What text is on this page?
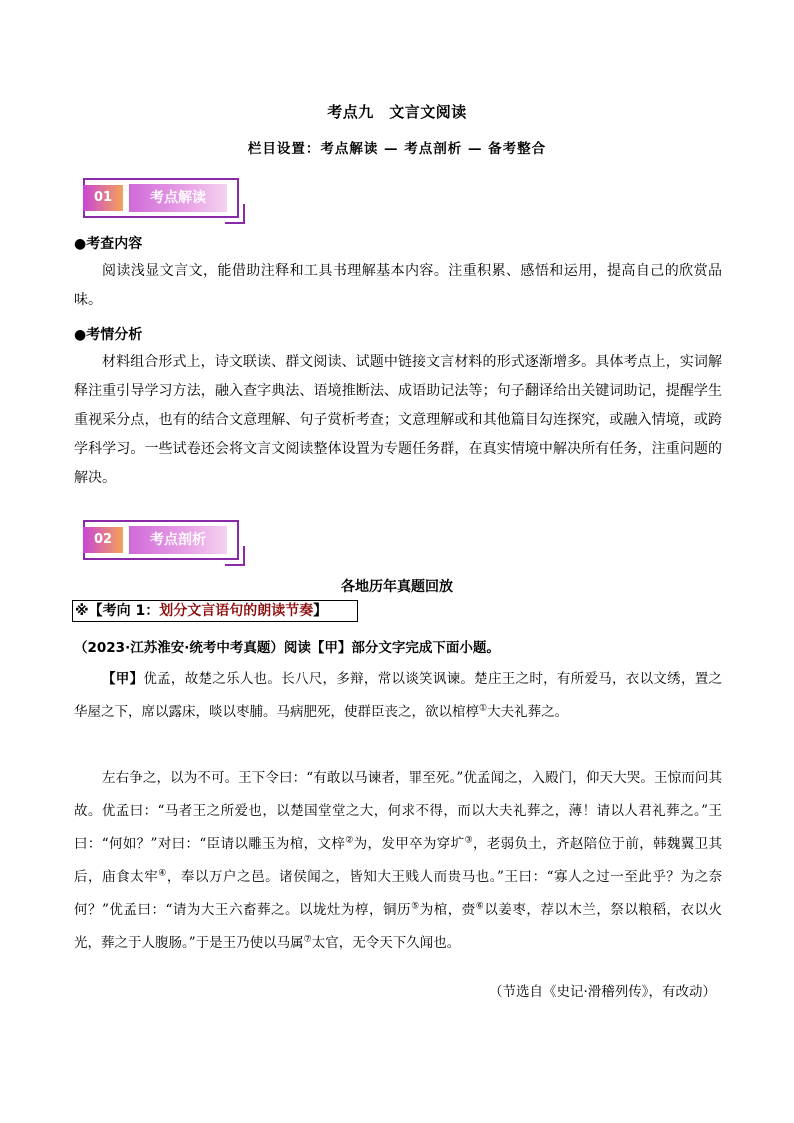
考点九　文言文阅读
栏目设置：考点解读 — 考点剖析 — 备考整合
01	考点解读
●考查内容

阅读浅显文言文，能借助注释和工具书理解基本内容。注重积累、感悟和运用，提高自己的欣赏品味。

●考情分析

材料组合形式上，诗文联读、群文阅读、试题中链接文言材料的形式逐渐增多。具体考点上，实词解释注重引导学习方法，融入查字典法、语境推断法、成语助记法等；句子翻译给出关键词助记，提醒学生重视采分点，也有的结合文意理解、句子赏析考查；文意理解或和其他篇目勾连探究，或融入情境，或跨学科学习。一些试卷还会将文言文阅读整体设置为专题任务群，在真实情境中解决所有任务，注重问题的解决。

02	考点剖析
各地历年真题回放
※【考向 1：划分文言语句的朗读节奏】
（2023·江苏淮安·统考中考真题）阅读【甲】部分文字完成下面小题。

【甲】优孟，故楚之乐人也。长八尺，多辩，常以谈笑讽谏。楚庄王之时，有所爱马，衣以文绣，置之华屋之下，席以露床，啖以枣脯。马病肥死，使群臣丧之，欲以棺椁①大夫礼葬之。

左右争之，以为不可。王下令曰：“有敢以马谏者，罪至死。”优孟闻之，入殿门，仰天大哭。王惊而问其故。优孟曰：“马者王之所爱也，以楚国堂堂之大，何求不得，而以大夫礼葬之，薄！请以人君礼葬之。”王曰：“何如？”对曰：“臣请以雕玉为棺，文梓②为，发甲卒为穿圹③，老弱负土，齐赵陪位于前，韩魏翼卫其后，庙食太牢④，奉以万户之邑。诸侯闻之，皆知大王贱人而贵马也。”王曰：“寡人之过一至此乎？为之奈何？”优孟曰：“请为大王六畜葬之。以垅灶为椁，铜历⑤为棺，赍⑥以姜枣，荐以木兰，祭以粮稻，衣以火光，葬之于人腹肠。”于是王乃使以马属⑦太官，无令天下久闻也。

（节选自《史记·滑稽列传》，有改动）
